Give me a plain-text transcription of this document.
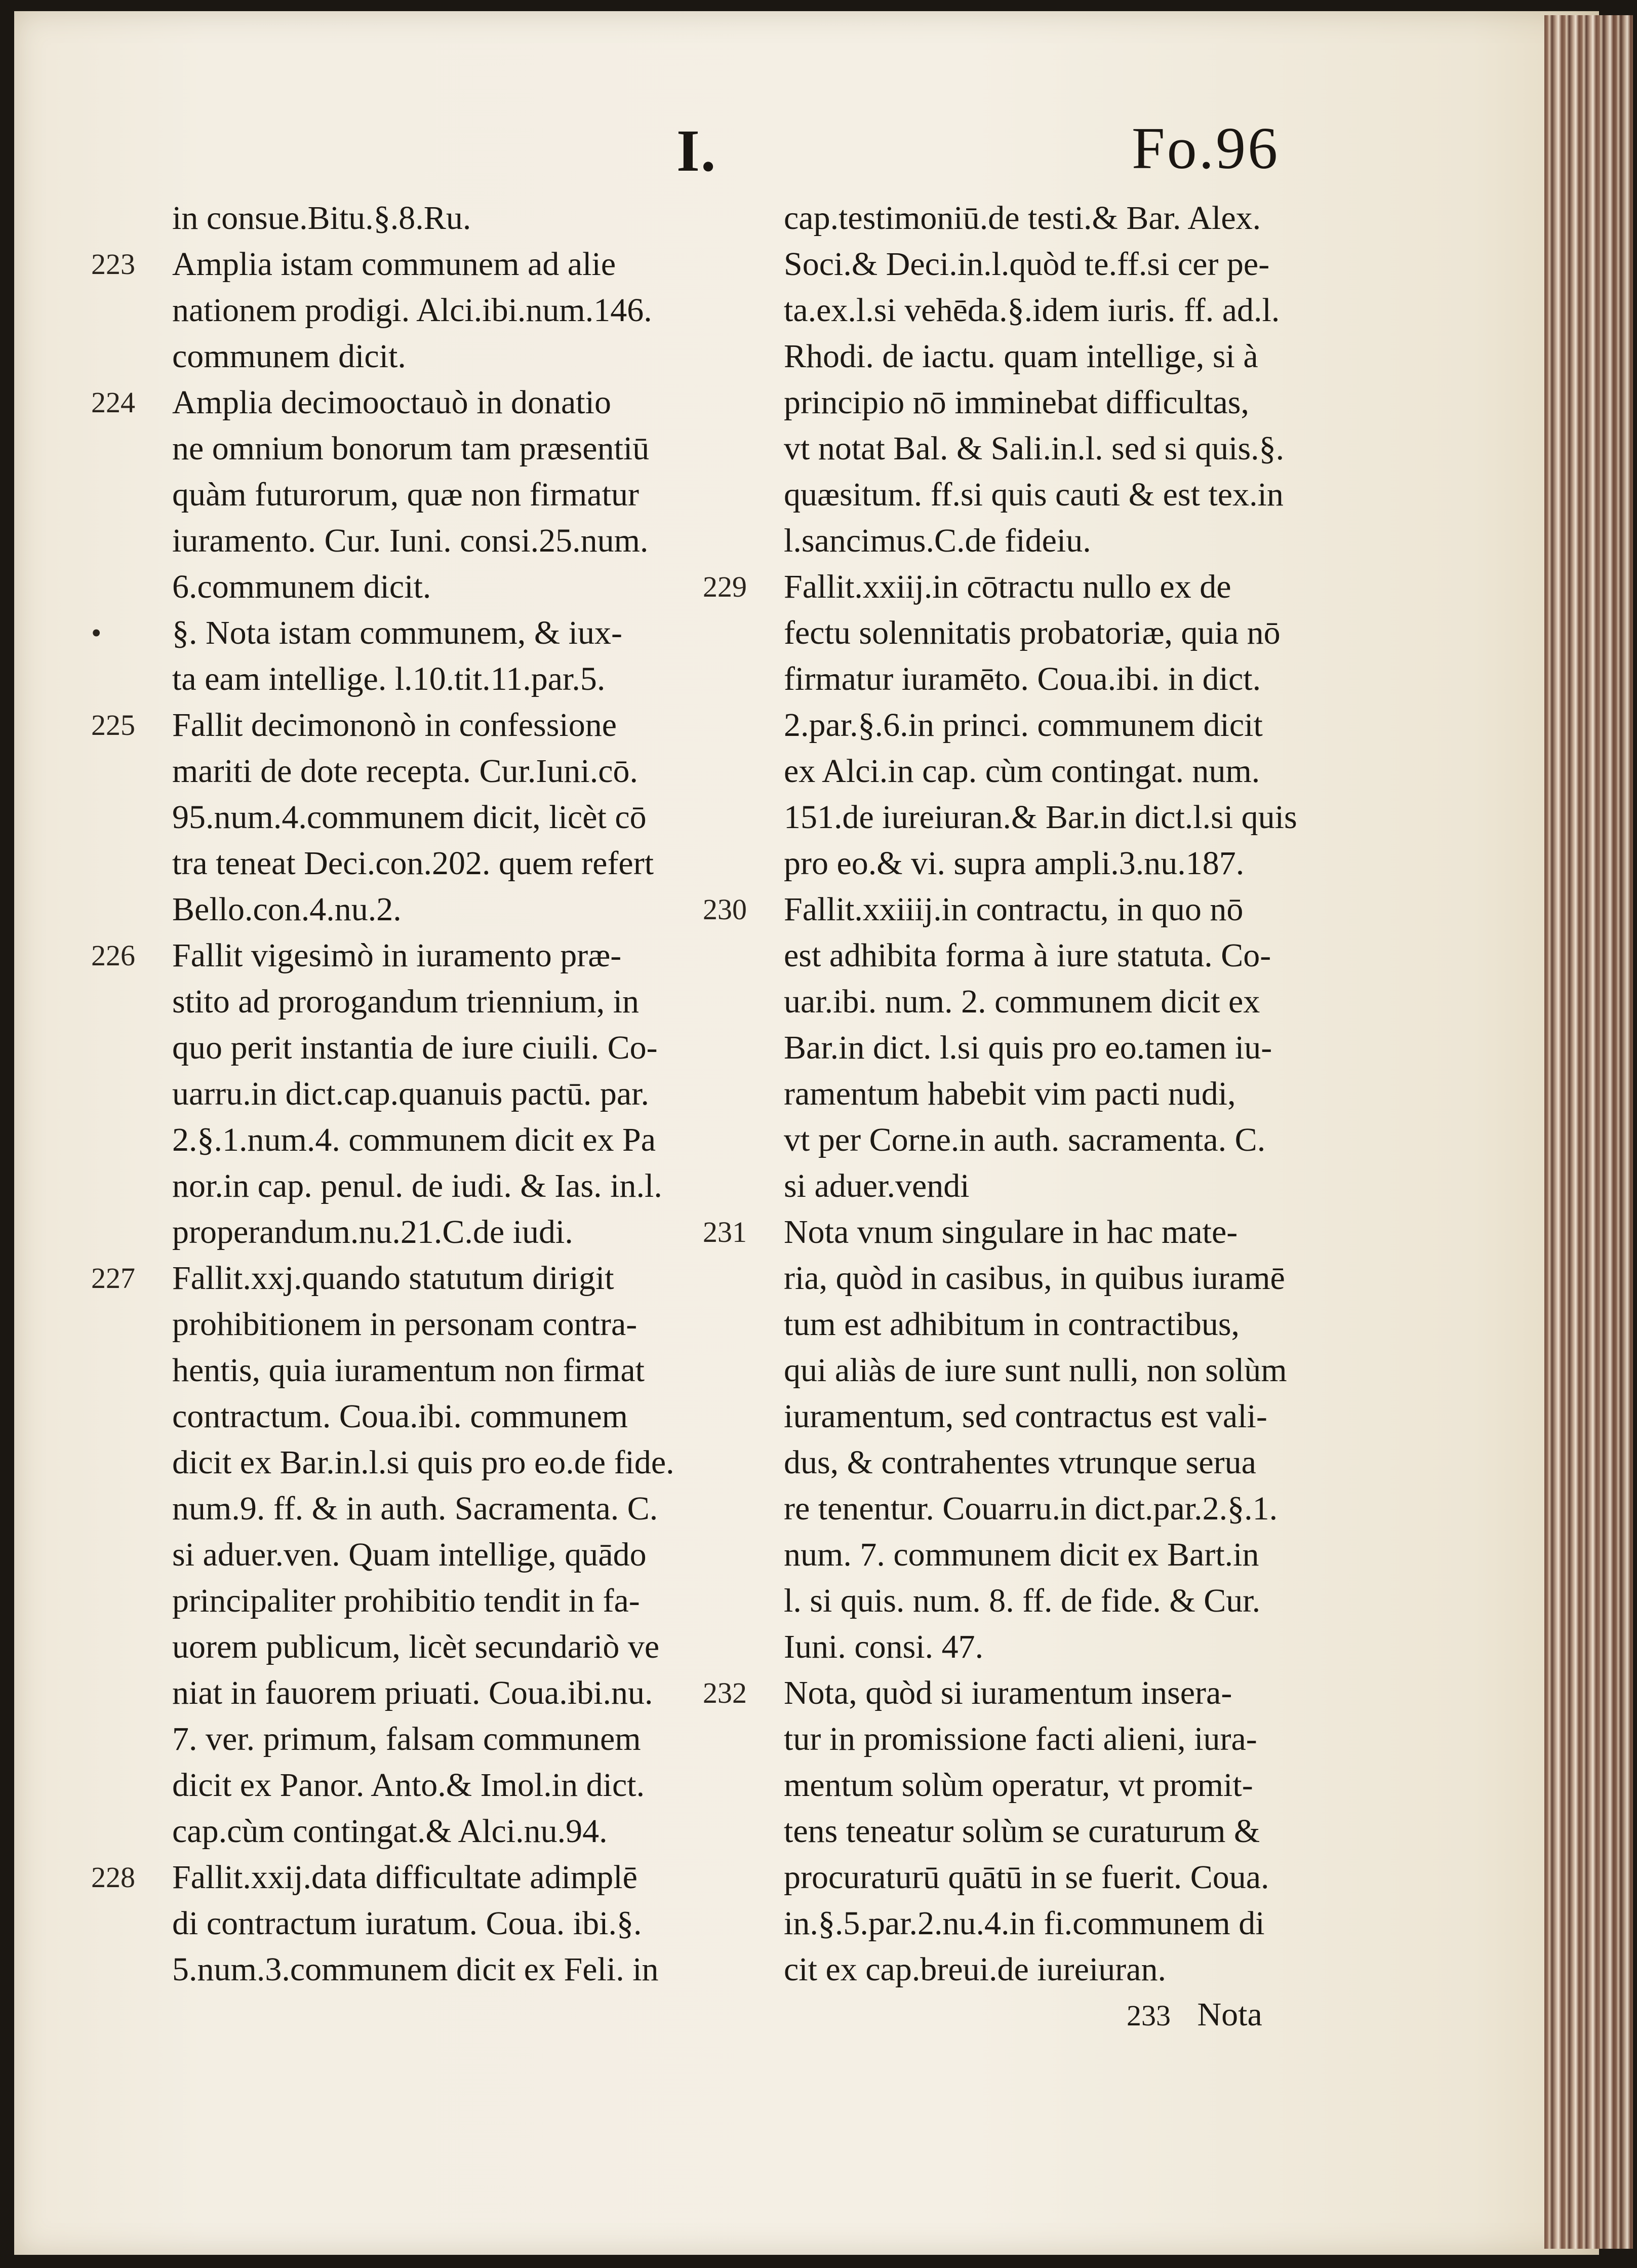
I.	Fo.96
in consue.Bitu.§.8.Ru.
223	Amplia istam communem ad alie
nationem prodigi. Alci.ibi.num.146.
communem dicit.
224	Amplia decimooctauò in donatio
ne omnium bonorum tam præsentiū
quàm futurorum, quæ non firmatur
iuramento. Cur. Iuni. consi.25.num.
6.communem dicit.
•	§. Nota istam communem, & iux-
ta eam intellige. l.10.tit.11.par.5.
225	Fallit decimononò in confessione
mariti de dote recepta. Cur.Iuni.cō.
95.num.4.communem dicit, licèt cō
tra teneat Deci.con.202. quem refert
Bello.con.4.nu.2.
226	Fallit vigesimò in iuramento præ-
stito ad prorogandum triennium, in
quo perit instantia de iure ciuili. Co-
uarru.in dict.cap.quanuis pactū. par.
2.§.1.num.4. communem dicit ex Pa
nor.in cap. penul. de iudi. & Ias. in.l.
properandum.nu.21.C.de iudi.
227	Fallit.xxj.quando statutum dirigit
prohibitionem in personam contra-
hentis, quia iuramentum non firmat
contractum. Coua.ibi. communem
dicit ex Bar.in.l.si quis pro eo.de fide.
num.9. ff. & in auth. Sacramenta. C.
si aduer.ven. Quam intellige, quādo
principaliter prohibitio tendit in fa-
uorem publicum, licèt secundariò ve
niat in fauorem priuati. Coua.ibi.nu.
7. ver. primum, falsam communem
dicit ex Panor. Anto.& Imol.in dict.
cap.cùm contingat.& Alci.nu.94.
228	Fallit.xxij.data difficultate adimplē
di contractum iuratum. Coua. ibi.§.
5.num.3.communem dicit ex Feli. in
cap.testimoniū.de testi.& Bar. Alex.
Soci.& Deci.in.l.quòd te.ff.si cer pe-
ta.ex.l.si vehēda.§.idem iuris. ff. ad.l.
Rhodi. de iactu. quam intellige, si à
principio nō imminebat difficultas,
vt notat Bal. & Sali.in.l. sed si quis.§.
quæsitum. ff.si quis cauti & est tex.in
l.sancimus.C.de fideiu.
229	Fallit.xxiij.in cōtractu nullo ex de
fectu solennitatis probatoriæ, quia nō
firmatur iuramēto. Coua.ibi. in dict.
2.par.§.6.in princi. communem dicit
ex Alci.in cap. cùm contingat. num.
151.de iureiuran.& Bar.in dict.l.si quis
pro eo.& vi. supra ampli.3.nu.187.
230	Fallit.xxiiij.in contractu, in quo nō
est adhibita forma à iure statuta. Co-
uar.ibi. num. 2. communem dicit ex
Bar.in dict. l.si quis pro eo.tamen iu-
ramentum habebit vim pacti nudi,
vt per Corne.in auth. sacramenta. C.
si aduer.vendi
231	Nota vnum singulare in hac mate-
ria, quòd in casibus, in quibus iuramē
tum est adhibitum in contractibus,
qui aliàs de iure sunt nulli, non solùm
iuramentum, sed contractus est vali-
dus, & contrahentes vtrunque serua
re tenentur. Couarru.in dict.par.2.§.1.
num. 7. communem dicit ex Bart.in
l. si quis. num. 8. ff. de fide. & Cur.
Iuni. consi. 47.
232	Nota, quòd si iuramentum insera-
tur in promissione facti alieni, iura-
mentum solùm operatur, vt promit-
tens teneatur solùm se curaturum &
procuraturū quātū in se fuerit. Coua.
in.§.5.par.2.nu.4.in fi.communem di
cit ex cap.breui.de iureiuran.
233 Nota
